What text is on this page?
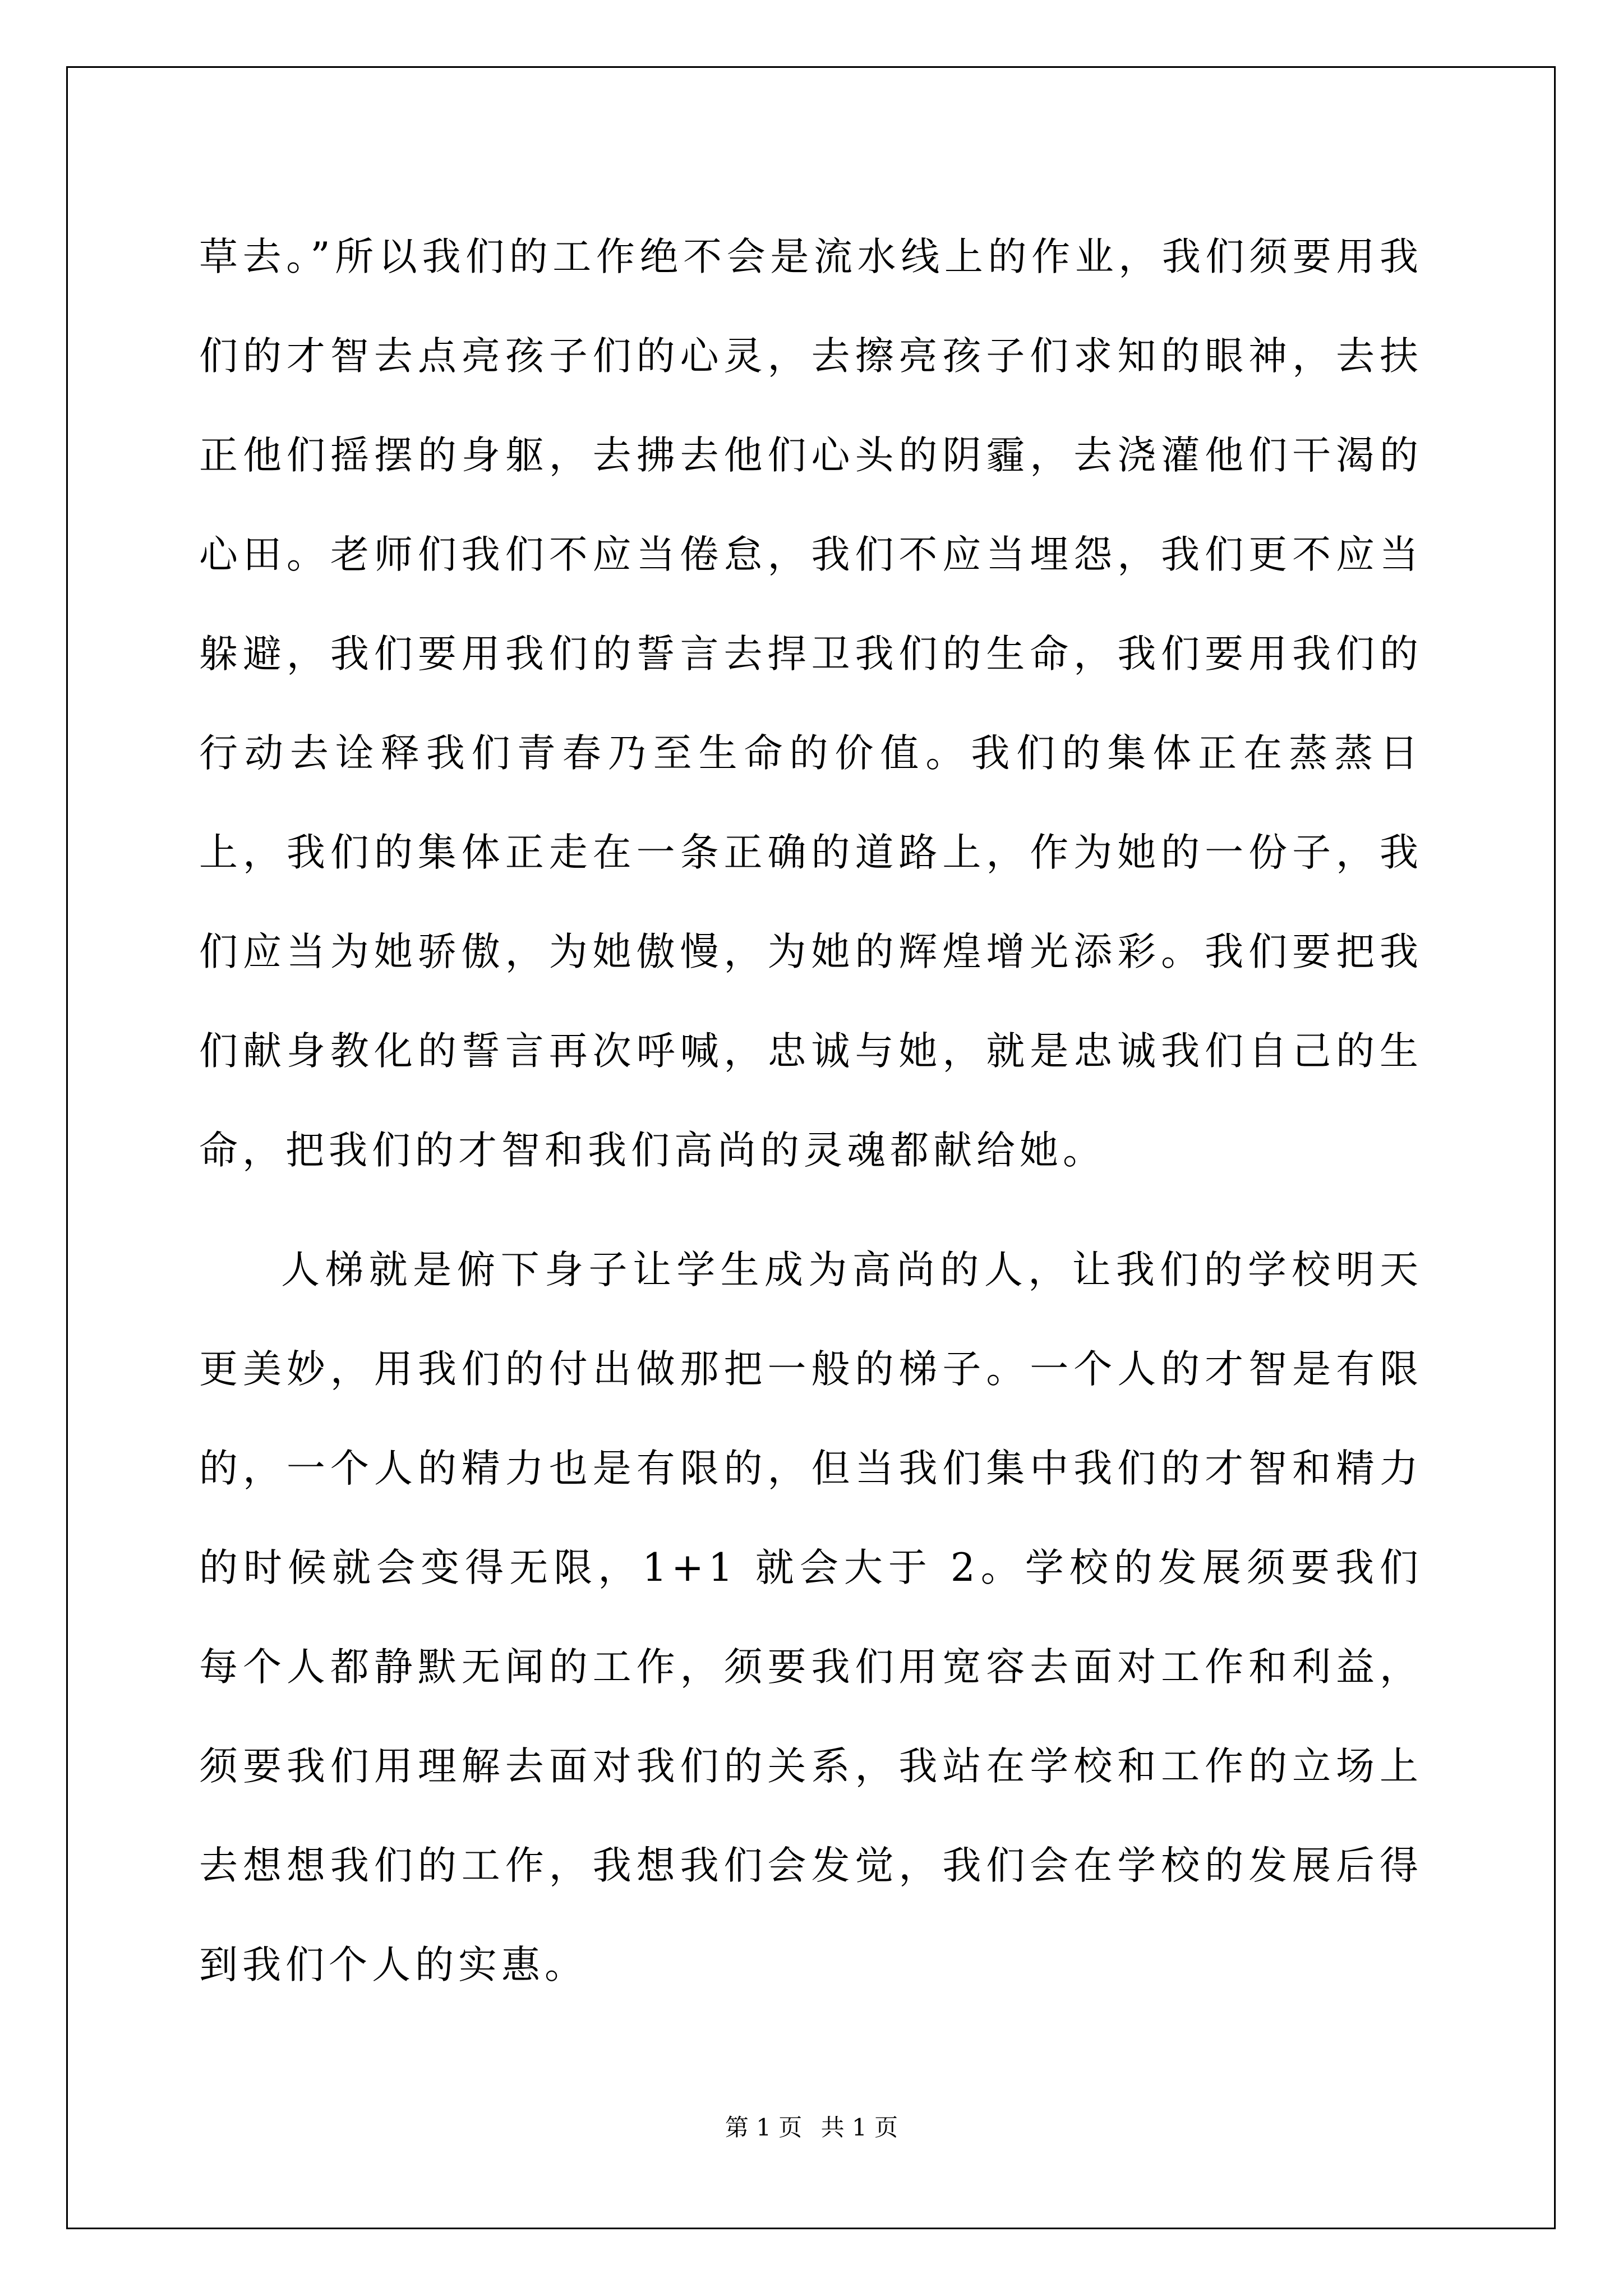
草去。”所以我们的工作绝不会是流水线上的作业，我们须要用我们的才智去点亮孩子们的心灵，去擦亮孩子们求知的眼神，去扶正他们摇摆的身躯，去拂去他们心头的阴霾，去浇灌他们干渴的心田。老师们我们不应当倦怠，我们不应当埋怨，我们更不应当躲避，我们要用我们的誓言去捍卫我们的生命，我们要用我们的行动去诠释我们青春乃至生命的价值。我们的集体正在蒸蒸日上，我们的集体正走在一条正确的道路上，作为她的一份子，我们应当为她骄傲，为她傲慢，为她的辉煌增光添彩。我们要把我们献身教化的誓言再次呼喊，忠诚与她，就是忠诚我们自己的生命，把我们的才智和我们高尚的灵魂都献给她。

人梯就是俯下身子让学生成为高尚的人，让我们的学校明天更美妙，用我们的付出做那把一般的梯子。一个人的才智是有限的，一个人的精力也是有限的，但当我们集中我们的才智和精力的时候就会变得无限，1+1 就会大于 2。学校的发展须要我们每个人都静默无闻的工作，须要我们用宽容去面对工作和利益，须要我们用理解去面对我们的关系，我站在学校和工作的立场上去想想我们的工作，我想我们会发觉，我们会在学校的发展后得到我们个人的实惠。

第 1 页 共 1 页
